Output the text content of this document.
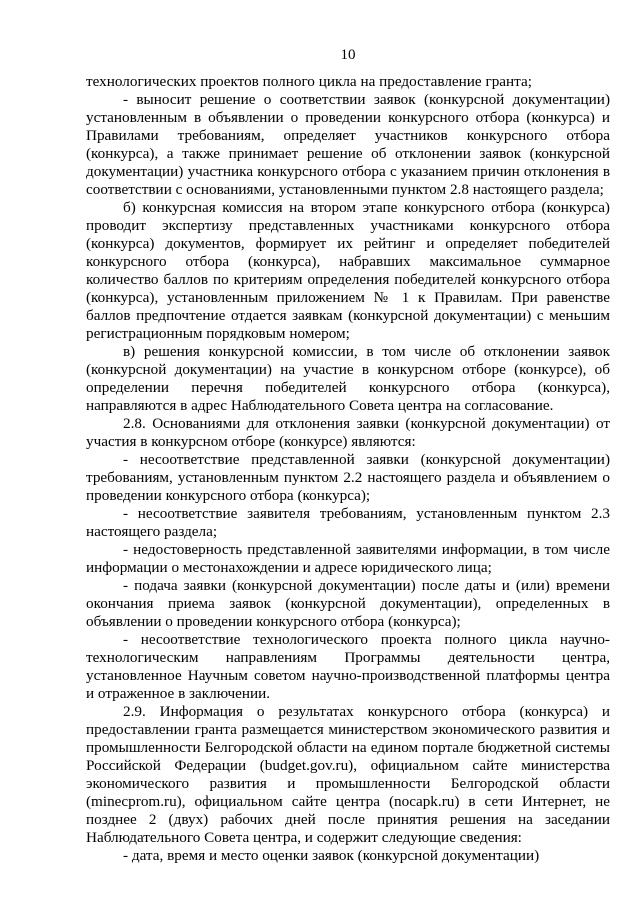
10

технологических проектов полного цикла на предоставление гранта;

- выносит решение о соответствии заявок (конкурсной документации) установленным в объявлении о проведении конкурсного отбора (конкурса) и Правилами требованиям, определяет участников конкурсного отбора (конкурса), а также принимает решение об отклонении заявок (конкурсной документации) участника конкурсного отбора с указанием причин отклонения в соответствии с основаниями, установленными пунктом 2.8 настоящего раздела;

б) конкурсная комиссия на втором этапе конкурсного отбора (конкурса) проводит экспертизу представленных участниками конкурсного отбора (конкурса) документов, формирует их рейтинг и определяет победителей конкурсного отбора (конкурса), набравших максимальное суммарное количество баллов по критериям определения победителей конкурсного отбора (конкурса), установленным приложением № 1 к Правилам. При равенстве баллов предпочтение отдается заявкам (конкурсной документации) с меньшим регистрационным порядковым номером;

в) решения конкурсной комиссии, в том числе об отклонении заявок (конкурсной документации) на участие в конкурсном отборе (конкурсе), об определении перечня победителей конкурсного отбора (конкурса), направляются в адрес Наблюдательного Совета центра на согласование.

2.8. Основаниями для отклонения заявки (конкурсной документации) от участия в конкурсном отборе (конкурсе) являются:

- несоответствие представленной заявки (конкурсной документации) требованиям, установленным пунктом 2.2 настоящего раздела и объявлением о проведении конкурсного отбора (конкурса);

- несоответствие заявителя требованиям, установленным пунктом 2.3 настоящего раздела;

- недостоверность представленной заявителями информации, в том числе информации о местонахождении и адресе юридического лица;

- подача заявки (конкурсной документации) после даты и (или) времени окончания приема заявок (конкурсной документации), определенных в объявлении о проведении конкурсного отбора (конкурса);

- несоответствие технологического проекта полного цикла научно-технологическим направлениям Программы деятельности центра, установленное Научным советом научно-производственной платформы центра и отраженное в заключении.

2.9. Информация о результатах конкурсного отбора (конкурса) и предоставлении гранта размещается министерством экономического развития и промышленности Белгородской области на едином портале бюджетной системы Российской Федерации (budget.gov.ru), официальном сайте министерства экономического развития и промышленности Белгородской области (minecprom.ru), официальном сайте центра (nocapk.ru) в сети Интернет, не позднее 2 (двух) рабочих дней после принятия решения на заседании Наблюдательного Совета центра, и содержит следующие сведения:

- дата, время и место оценки заявок (конкурсной документации)
